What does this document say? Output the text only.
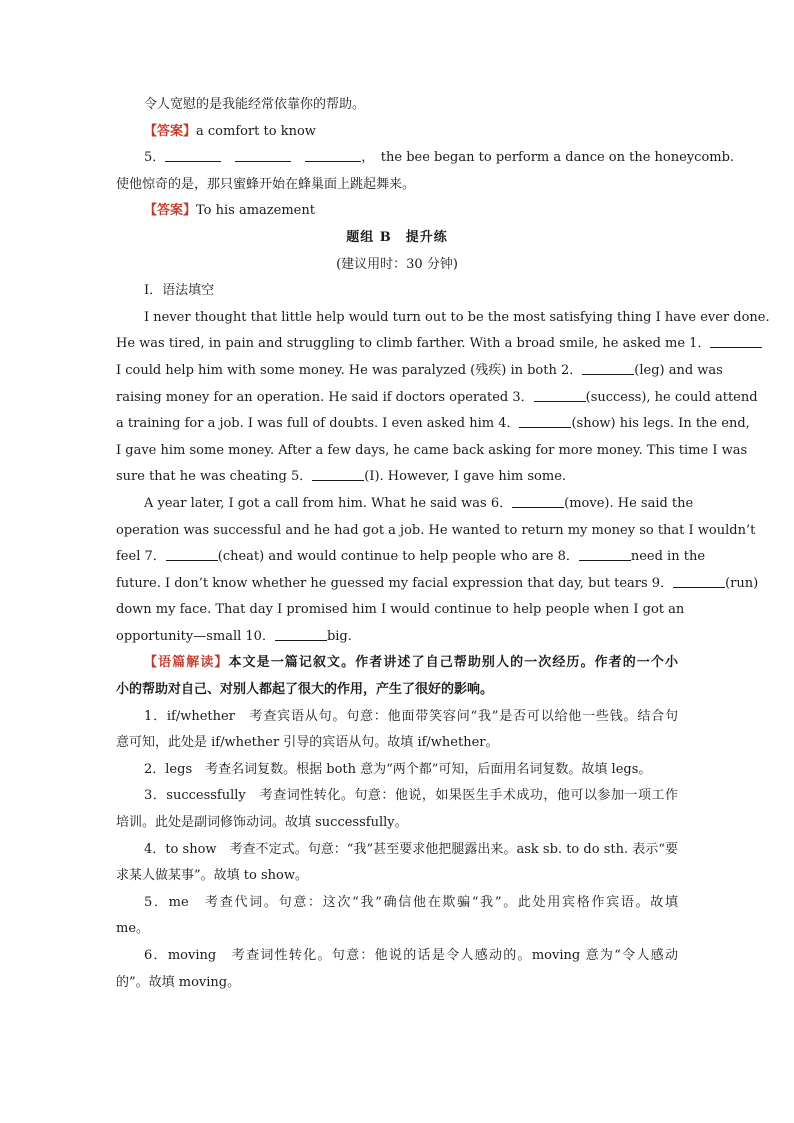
令人宽慰的是我能经常依靠你的帮助。
【答案】a comfort to know
5．	，　the bee began to perform a dance on the honeycomb.
使他惊奇的是，那只蜜蜂开始在蜂巢面上跳起舞来。
【答案】To his amazement
题组 B　提升练
(建议用时：30 分钟)
Ⅰ．语法填空
I never thought that little help would turn out to be the most satisfying thing I have ever done.
He was tired, in pain and struggling to climb farther. With a broad smile, he asked me 1．
I could help him with some money. He was paralyzed (残疾) in both 2．	(leg) and was
raising money for an operation. He said if doctors operated 3．	(success), he could attend
a training for a job. I was full of doubts. I even asked him 4．	(show) his legs. In the end,
I gave him some money. After a few days, he came back asking for more money. This time I was
sure that he was cheating 5．	(I). However, I gave him some.
A year later, I got a call from him. What he said was 6．	(move). He said the
operation was successful and he had got a job. He wanted to return my money so that I wouldn’t
feel 7．	(cheat) and would continue to help people who are 8．	need in the
future. I don’t know whether he guessed my facial expression that day, but tears 9．	(run)
down my face. That day I promised him I would continue to help people when I got an
opportunity—small 10．	big.
【语篇解读】本文是一篇记叙文。作者讲述了自己帮助别人的一次经历。作者的一个小
小的帮助对自己、对别人都起了很大的作用，产生了很好的影响。
1．if/whether　考查宾语从句。句意：他面带笑容问“我”是否可以给他一些钱。结合句
意可知，此处是 if/whether 引导的宾语从句。故填 if/whether。
2．legs　考查名词复数。根据 both 意为“两个都”可知，后面用名词复数。故填 legs。
3．successfully　考查词性转化。句意：他说，如果医生手术成功，他可以参加一项工作
培训。此处是副词修饰动词。故填 successfully。
4．to show　考查不定式。句意：“我”甚至要求他把腿露出来。ask sb. to do sth. 表示“要
求某人做某事”。故填 to show。
5．me　考查代词。句意：这次“我”确信他在欺骗“我”。此处用宾格作宾语。故填
me。
6．moving　考查词性转化。句意：他说的话是令人感动的。moving 意为“令人感动
的”。故填 moving。
